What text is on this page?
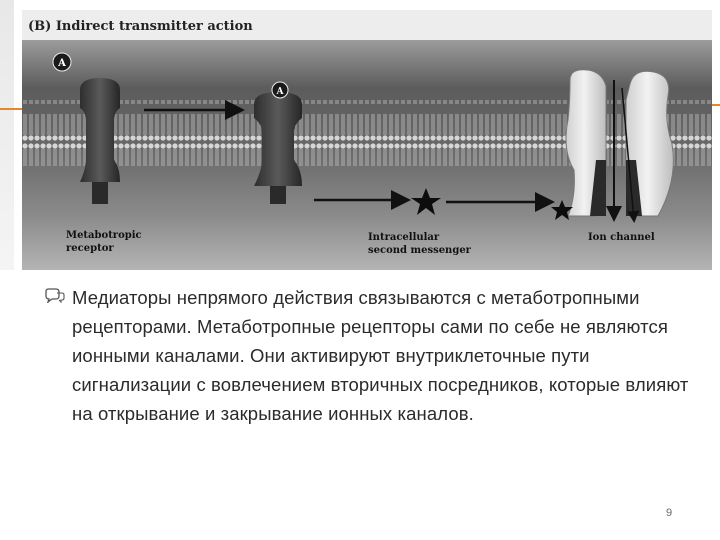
(B) Indirect transmitter action
A
A
Metabotropic
receptor
Intracellular
second messenger
Ion channel
Медиаторы непрямого действия связываются с метаботропными рецепторами. Метаботропные рецепторы сами по себе не являются ионными каналами. Они активируют внутриклеточные пути сигнализации с вовлечением вторичных посредников, которые влияют на открывание и закрывание ионных каналов.
9
